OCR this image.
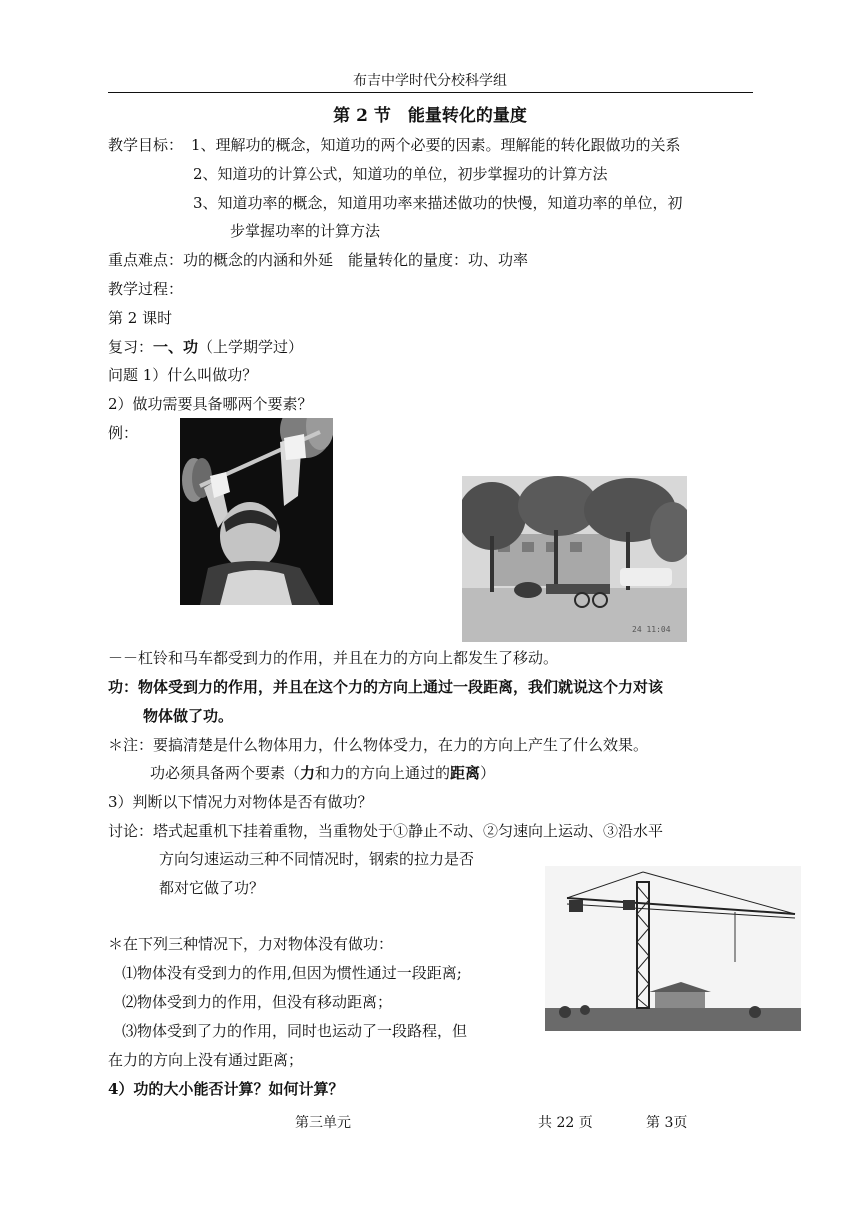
布吉中学时代分校科学组
第 2 节　能量转化的量度
教学目标： 1、理解功的概念，知道功的两个必要的因素。理解能的转化跟做功的关系
2、知道功的计算公式，知道功的单位，初步掌握功的计算方法
3、知道功率的概念，知道用功率来描述做功的快慢，知道功率的单位，初
步掌握功率的计算方法
重点难点：功的概念的内涵和外延　能量转化的量度：功、功率
教学过程：
第 2 课时
复习：一、功（上学期学过）
问题 1）什么叫做功？
2）做功需要具备哪两个要素？
例：
24 11:04
－－杠铃和马车都受到力的作用，并且在力的方向上都发生了移动。
功：物体受到力的作用，并且在这个力的方向上通过一段距离，我们就说这个力对该
物体做了功。
＊注：要搞清楚是什么物体用力，什么物体受力，在力的方向上产生了什么效果。
功必须具备两个要素（力和力的方向上通过的距离）
3）判断以下情况力对物体是否有做功？
讨论：塔式起重机下挂着重物，当重物处于①静止不动、②匀速向上运动、③沿水平
方向匀速运动三种不同情况时，钢索的拉力是否
都对它做了功？
＊在下列三种情况下，力对物体没有做功：
⑴物体没有受到力的作用,但因为惯性通过一段距离;
⑵物体受到力的作用，但没有移动距离；
⑶物体受到了力的作用，同时也运动了一段路程，但
在力的方向上没有通过距离；
4）功的大小能否计算？如何计算？
第三单元	共 22 页	第 3页
